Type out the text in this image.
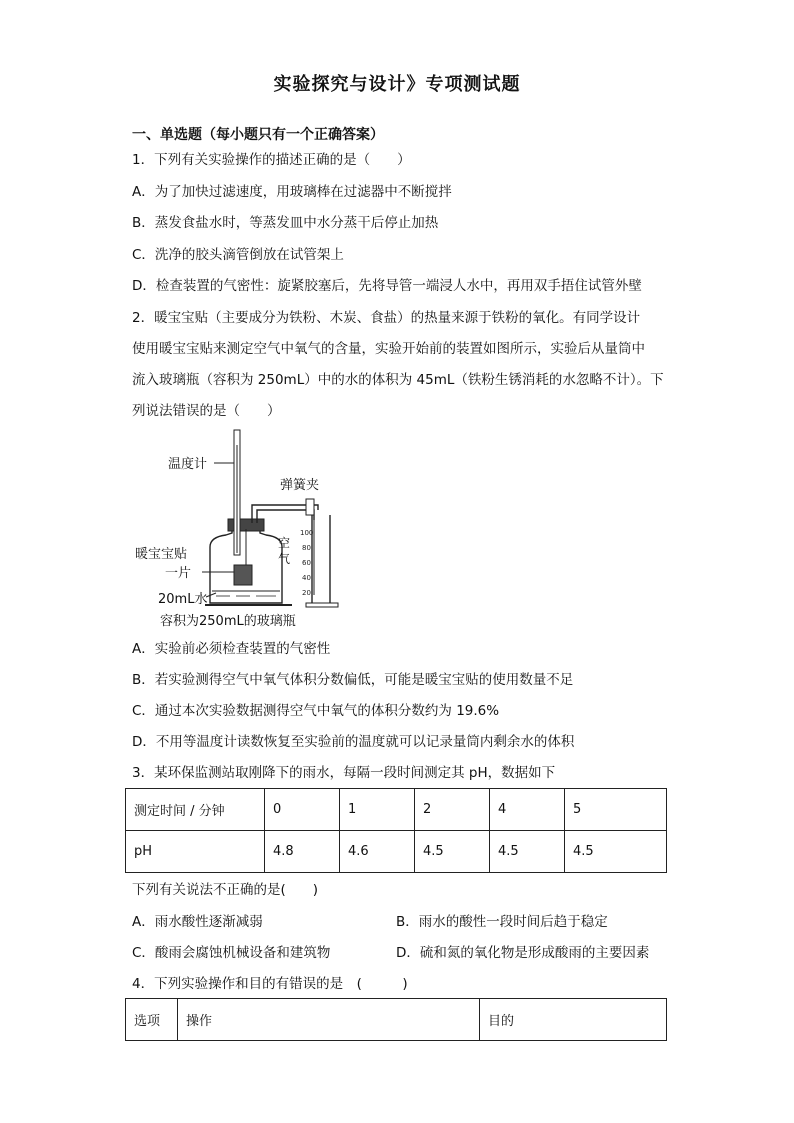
实验探究与设计》专项测试题
一、单选题（每小题只有一个正确答案）
1．下列有关实验操作的描述正确的是（　　）
A．为了加快过滤速度，用玻璃棒在过滤器中不断搅拌
B．蒸发食盐水时，等蒸发皿中水分蒸干后停止加热
C．洗净的胶头滴管倒放在试管架上
D．检查装置的气密性：旋紧胶塞后，先将导管一端浸人水中，再用双手捂住试管外壁
2．暖宝宝贴（主要成分为铁粉、木炭、食盐）的热量来源于铁粉的氧化。有同学设计
使用暖宝宝贴来测定空气中氧气的含量，实验开始前的装置如图所示，实验后从量筒中
流入玻璃瓶（容积为 250mL）中的水的体积为 45mL（铁粉生锈消耗的水忽略不计）。下
列说法错误的是（　　）
100
80
60
40
20
温度计
弹簧夹
空
气
暖宝宝贴
一片
20mL水
容积为250mL的玻璃瓶
A．实验前必须检查装置的气密性
B．若实验测得空气中氧气体积分数偏低，可能是暖宝宝贴的使用数量不足
C．通过本次实验数据测得空气中氧气的体积分数约为 19.6%
D．不用等温度计读数恢复至实验前的温度就可以记录量筒内剩余水的体积
3．某环保监测站取刚降下的雨水，每隔一段时间测定其 pH，数据如下
测定时间 / 分钟	0	1	2	4	5
pH	4.8	4.6	4.5	4.5	4.5
下列有关说法不正确的是(　　)
A．雨水酸性逐渐减弱	B．雨水的酸性一段时间后趋于稳定
C．酸雨会腐蚀机械设备和建筑物	D．硫和氮的氧化物是形成酸雨的主要因素
4．下列实验操作和目的有错误的是　(　　　)
选项	操作	目的
